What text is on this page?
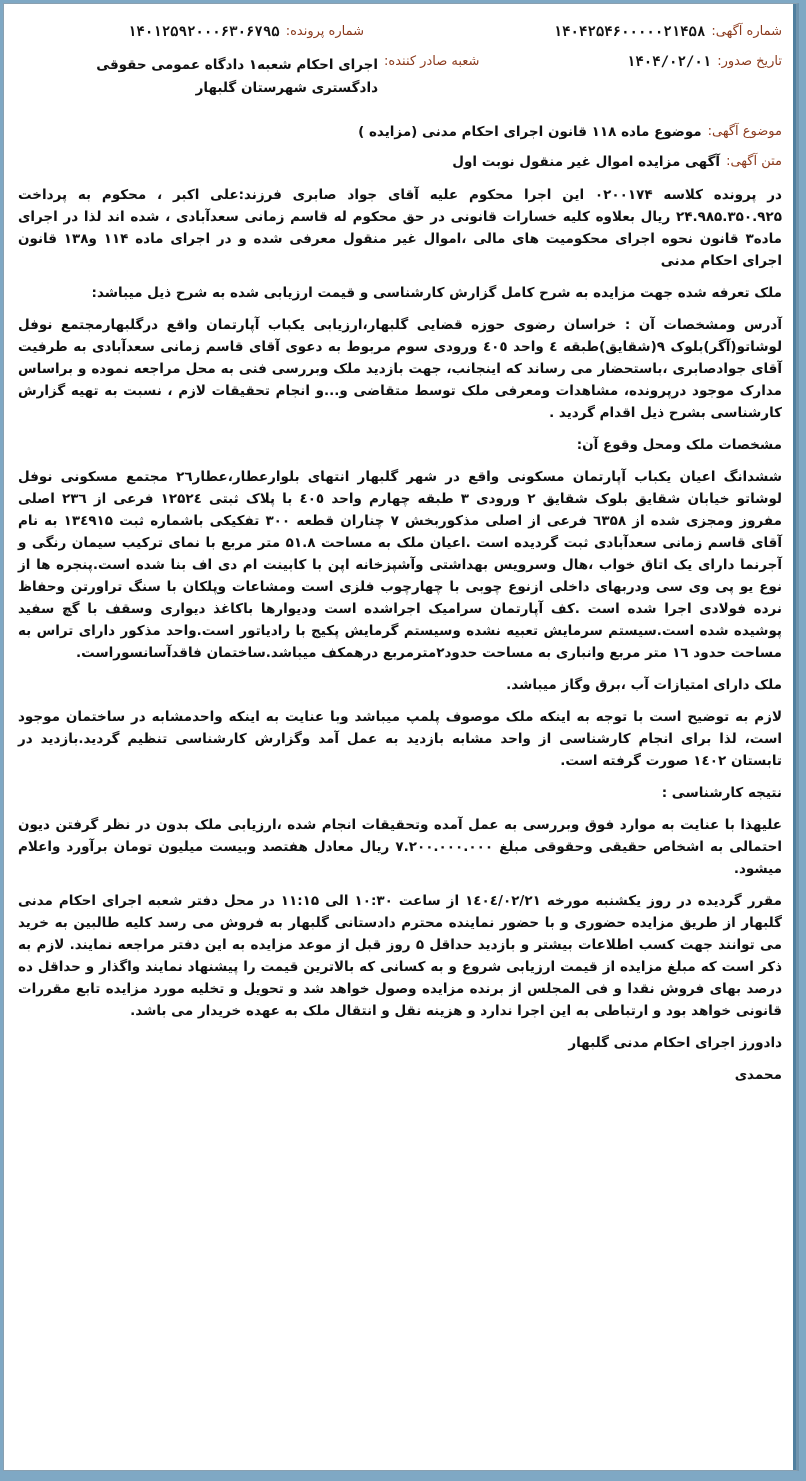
شماره آگهی:
۱۴۰۴۲۵۴۶۰۰۰۰۰۲۱۴۵۸
شماره پرونده:
۱۴۰۱۲۵۹۲۰۰۰۶۳۰۶۷۹۵
تاریخ صدور:
۱۴۰۴/۰۲/۰۱
شعبه صادر کننده:
اجرای احکام شعبه۱ دادگاه عمومی حقوقی دادگستری شهرستان گلبهار
موضوع آگهی:
موضوع ماده ۱۱۸ قانون اجرای احکام مدنی (مزایده )
متن آگهی:
آگهی مزایده اموال غیر منقول نوبت اول

در پرونده کلاسه ۰۲۰۰۱۷۴ این اجرا محکوم علیه آقای جواد صابری فرزند:علی اکبر ، محکوم به پرداخت ۲۴.۹۸۵.۳۵۰.۹۲۵ ریال بعلاوه کلیه خسارات قانونی در حق محکوم له قاسم زمانی سعدآبادی ، شده اند لذا در اجرای ماده۳ قانون نحوه اجرای محکومیت های مالی ،اموال غیر منقول معرفی شده و در اجرای ماده ۱۱۴ و۱۳۸ قانون اجرای احکام مدنی

ملک تعرفه شده جهت مزایده به شرح کامل گزارش کارشناسی و قیمت ارزیابی شده به شرح ذیل میباشد:

آدرس ومشخصات آن : خراسان رضوی حوزه قضایی گلبهار،ارزیابی یکباب آپارتمان واقع درگلبهارمجتمع نوفل لوشاتو(آگر)بلوک ۹(شقایق)طبقه ٤ واحد ٤٠٥ ورودی سوم مربوط به دعوی آقای قاسم زمانی سعدآبادی به طرفیت آقای جوادصابری ،باستحضار می رساند که اینجانب، جهت بازدید ملک وبررسی فنی به محل مراجعه نموده و براساس مدارک موجود درپرونده، مشاهدات ومعرفی ملک توسط متقاضی و...و انجام تحقیقات لازم ، نسبت به تهیه گزارش کارشناسی بشرح ذیل اقدام گردید .

مشخصات ملک ومحل وقوع آن:

ششدانگ اعیان یکباب آپارتمان مسکونی واقع در شهر گلبهار انتهای بلوارعطار،عطار۲٦ مجتمع مسکونی نوفل لوشاتو خیابان شقایق بلوک شقایق ۲ ورودی ۳ طبقه چهارم واحد ٤٠٥ با پلاک ثبتی ۱۲۵۲٤ فرعی از ۲۳٦ اصلی مفروز ومجزی شده از ٦۳۵۸ فرعی از اصلی مذکوربخش ۷ چناران قطعه ۳۰۰ تفکیکی باشماره ثبت ۱۳٤۹۱۵ به نام آقای قاسم زمانی سعدآبادی ثبت گردیده است .اعیان ملک به مساحت ۵۱.۸ متر مربع با نمای ترکیب سیمان رنگی و آجرنما دارای یک اتاق خواب ،هال وسرویس بهداشتی وآشپزخانه اپن با کابینت ام دی اف بنا شده است.پنجره ها از نوع یو پی وی سی ودربهای داخلی ازنوع چوبی با چهارچوب فلزی است ومشاعات وپلکان با سنگ تراورتن وحفاظ نرده فولادی اجرا شده است .کف آپارتمان سرامیک اجراشده است ودیوارها باکاغذ دیواری وسقف با گچ سفید پوشیده شده است.سیستم سرمایش تعبیه نشده وسیستم گرمایش پکیج با رادیاتور است.واحد مذکور دارای تراس به مساحت حدود ۱٦ متر مربع وانباری به مساحت حدود۲مترمربع درهمکف میباشد.ساختمان فاقدآسانسوراست.

ملک دارای امتیازات آب ،برق وگاز میباشد.

لازم به توضیح است با توجه به اینکه ملک موصوف پلمپ میباشد وبا عنایت به اینکه واحدمشابه در ساختمان موجود است، لذا برای انجام کارشناسی از واحد مشابه بازدید به عمل آمد وگزارش کارشناسی تنظیم گردید.بازدید در تابستان ۱٤۰۲ صورت گرفته است.

نتیجه کارشناسی :

علیهذا با عنایت به موارد فوق وبررسی به عمل آمده وتحقیقات انجام شده ،ارزیابی ملک بدون در نظر گرفتن دیون احتمالی به اشخاص حقیقی وحقوقی مبلغ ۷.۲۰۰.۰۰۰.۰۰۰ ریال معادل هفتصد وبیست میلیون تومان برآورد واعلام میشود.

مقرر گردیده در روز یکشنبه مورخه ۱٤۰٤/۰۲/۲۱ از ساعت ۱۰:۳۰ الی ۱۱:۱۵ در محل دفتر شعبه اجرای احکام مدنی گلبهار از طریق مزایده حضوری و با حضور نماینده محترم دادستانی گلبهار به فروش می رسد کلیه طالبین به خرید می توانند جهت کسب اطلاعات بیشتر و بازدید حداقل ۵ روز قبل از موعد مزایده به این دفتر مراجعه نمایند. لازم به ذکر است که مبلغ مزایده از قیمت ارزیابی شروع و به کسانی که بالاترین قیمت را پیشنهاد نمایند واگذار و حداقل ده درصد بهای فروش نقدا و فی المجلس از برنده مزایده وصول خواهد شد و تحویل و تخلیه مورد مزایده تابع مقررات قانونی خواهد بود و ارتباطی به این اجرا ندارد و هزینه نقل و انتقال ملک به عهده خریدار می باشد.

دادورز اجرای احکام مدنی گلبهار

محمدی
